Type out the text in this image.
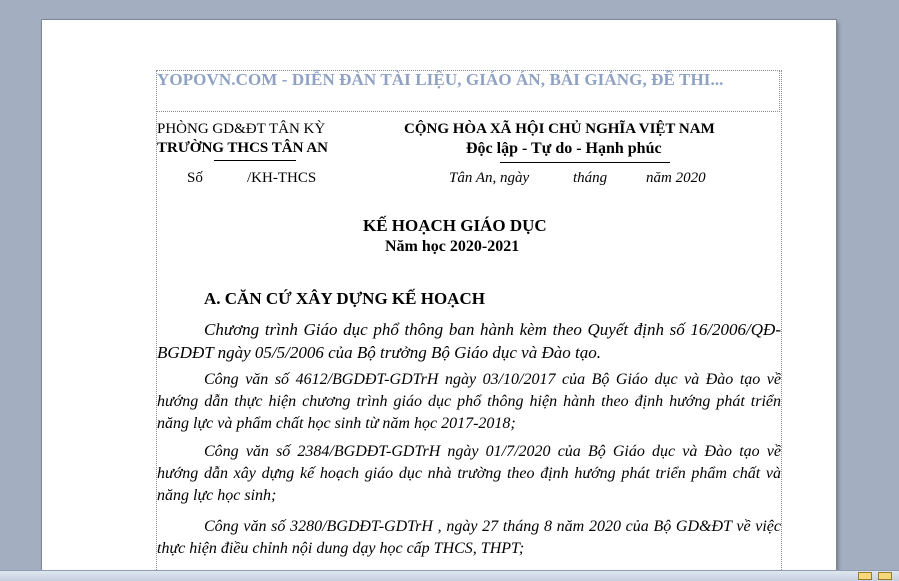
YOPOVN.COM - DIỄN ĐÀN TÀI LIỆU, GIÁO ÁN, BÀI GIẢNG, ĐỀ THI...
PHÒNG GD&ĐT TÂN KỲ
TRƯỜNG THCS TÂN AN
CỘNG HÒA XÃ HỘI CHỦ NGHĨA VIỆT NAM
Độc lập - Tự do - Hạnh phúc
Số	/KH-THCS	Tân An, ngày	tháng	năm 2020
KẾ HOẠCH GIÁO DỤC
Năm học 2020-2021
A. CĂN CỨ XÂY DỰNG KẾ HOẠCH
Chương trình Giáo dục phổ thông ban hành kèm theo Quyết định số 16/2006/QĐ-BGDĐT ngày 05/5/2006 của Bộ trưởng Bộ Giáo dục và Đào tạo.
Công văn số 4612/BGDĐT-GDTrH ngày 03/10/2017 của Bộ Giáo dục và Đào tạo về hướng dẫn thực hiện chương trình giáo dục phổ thông hiện hành theo định hướng phát triển năng lực và phẩm chất học sinh từ năm học 2017-2018;
Công văn số 2384/BGDĐT-GDTrH ngày 01/7/2020 của Bộ Giáo dục và Đào tạo về hướng dẫn xây dựng kế hoạch giáo dục nhà trường theo định hướng phát triển phẩm chất và năng lực học sinh;
Công văn số 3280/BGDĐT-GDTrH , ngày 27 tháng 8 năm 2020 của Bộ GD&ĐT về việc thực hiện điều chỉnh nội dung dạy học cấp THCS, THPT;
